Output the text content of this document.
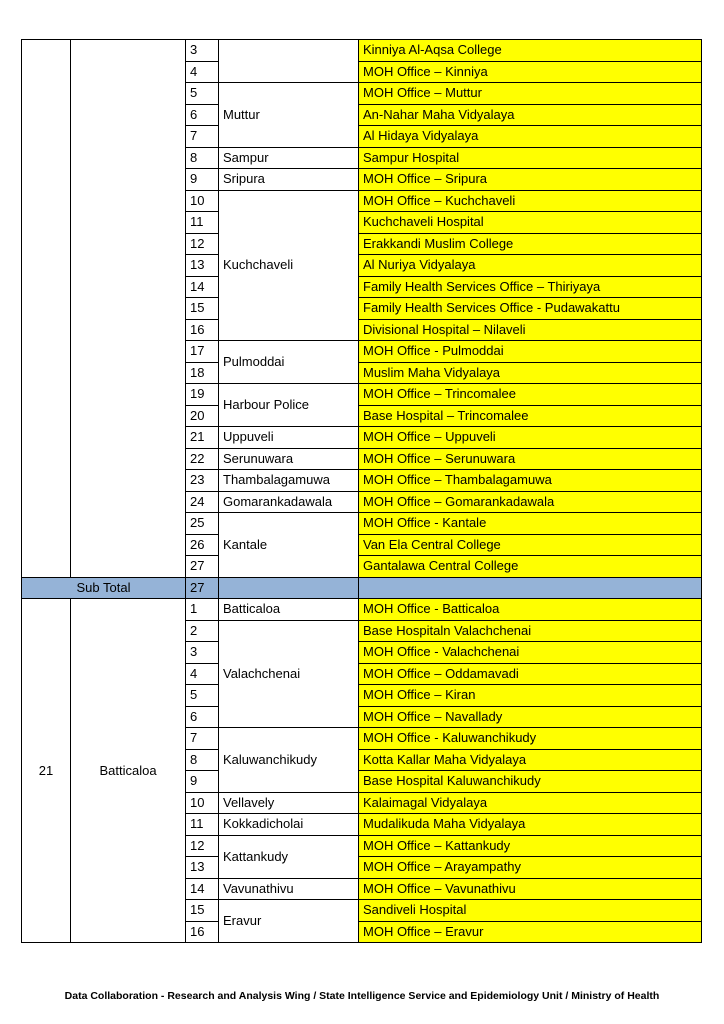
		3		Kinniya Al-Aqsa College
		4		MOH Office – Kinniya
		5	Muttur	MOH Office – Muttur
		6		An-Nahar Maha Vidyalaya
		7		Al Hidaya Vidyalaya
		8	Sampur	Sampur Hospital
		9	Sripura	MOH Office – Sripura
		10	Kuchchaveli	MOH Office – Kuchchaveli
		11		Kuchchaveli Hospital
		12		Erakkandi Muslim College
		13		Al Nuriya Vidyalaya
		14		Family Health Services Office – Thiriyaya
		15		Family Health Services Office - Pudawakattu
		16		Divisional Hospital – Nilaveli
		17	Pulmoddai	MOH Office - Pulmoddai
		18		Muslim Maha Vidyalaya
		19	Harbour Police	MOH Office – Trincomalee
		20		Base Hospital – Trincomalee
		21	Uppuveli	MOH Office – Uppuveli
		22	Serunuwara	MOH Office – Serunuwara
		23	Thambalagamuwa	MOH Office – Thambalagamuwa
		24	Gomarankadawala	MOH Office – Gomarankadawala
		25	Kantale	MOH Office - Kantale
		26		Van Ela Central College
		27		Gantalawa Central College
Sub Total		27		
21	Batticaloa	1	Batticaloa	MOH Office - Batticaloa
		2	Valachchenai	Base Hospitaln Valachchenai
		3		MOH Office - Valachchenai
		4		MOH Office – Oddamavadi
		5		MOH Office – Kiran
		6		MOH Office – Navallady
		7	Kaluwanchikudy	MOH Office - Kaluwanchikudy
		8		Kotta Kallar Maha Vidyalaya
		9		Base Hospital Kaluwanchikudy
		10	Vellavely	Kalaimagal Vidyalaya
		11	Kokkadicholai	Mudalikuda Maha Vidyalaya
		12	Kattankudy	MOH Office – Kattankudy
		13		MOH Office – Arayampathy
		14	Vavunathivu	MOH Office – Vavunathivu
		15	Eravur	Sandiveli Hospital
		16		MOH Office – Eravur
Data Collaboration - Research and Analysis Wing / State Intelligence Service and Epidemiology Unit / Ministry of Health
